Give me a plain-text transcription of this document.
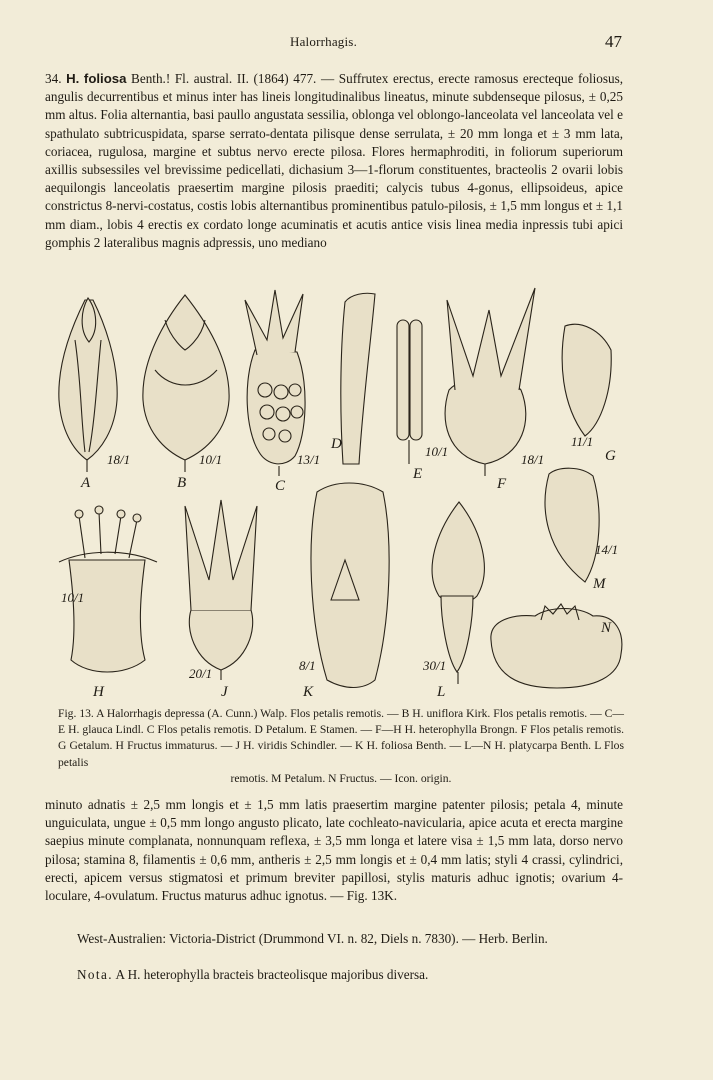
Halorrhagis.	47
34. H. foliosa Benth.! Fl. austral. II. (1864) 477. — Suffrutex erectus, erecte ramosus erecteque foliosus, angulis decurrentibus et minus inter has lineis longitudinalibus lineatus, minute subdenseque pilosus, ± 0,25 mm altus. Folia alternantia, basi paullo angustata sessilia, oblonga vel oblongo-lanceolata vel lanceolata vel e spathulato subtricuspidata, sparse serrato-dentata pilisque dense serrulata, ± 20 mm longa et ± 3 mm lata, coriacea, rugulosa, margine et subtus nervo erecte pilosa. Flores hermaphroditi, in foliorum superiorum axillis subsessiles vel brevissime pedicellati, dichasium 3—1-florum constituentes, bracteolis 2 ovarii lobis aequilongis lanceolatis praesertim margine pilosis praediti; calycis tubus 4-gonus, ellipsoideus, apice constrictus 8-nervi-costatus, costis lobis alternantibus prominentibus patulo-pilosis, ± 1,5 mm longus et ± 1,1 mm diam., lobis 4 erectis ex cordato longe acuminatis et acutis antice visis linea media inpressis tubi apici gomphis 2 lateralibus magnis adpressis, uno mediano
A
18/1
B
10/1
C
13/1
D
E
10/1
F
18/1	G
11/1
H
10/1
J
20/1
K
8/1
L
30/1
M
14/1
N
Fig. 13. A Halorrhagis depressa (A. Cunn.) Walp. Flos petalis remotis. — B H. uniflora Kirk. Flos petalis remotis. — C—E H. glauca Lindl. C Flos petalis remotis. D Petalum. E Stamen. — F—H H. heterophylla Brongn. F Flos petalis remotis. G Getalum. H Fructus immaturus. — J H. viridis Schindler. — K H. foliosa Benth. — L—N H. platycarpa Benth. L Flos petalis
remotis. M Petalum. N Fructus. — Icon. origin.
minuto adnatis ± 2,5 mm longis et ± 1,5 mm latis praesertim margine patenter pilosis; petala 4, minute unguiculata, ungue ± 0,5 mm longo angusto plicato, late cochleato-navicularia, apice acuta et erecta margine saepius minute complanata, nonnunquam reflexa, ± 3,5 mm longa et latere visa ± 1,5 mm lata, dorso nervo pilosa; stamina 8, filamentis ± 0,6 mm, antheris ± 2,5 mm longis et ± 0,4 mm latis; styli 4 crassi, cylindrici, erecti, apicem versus stigmatosi et primum breviter papillosi, stylis maturis adhuc ignotis; ovarium 4-loculare, 4-ovulatum. Fructus maturus adhuc ignotus. — Fig. 13K.
West-Australien: Victoria-District (Drummond VI. n. 82, Diels n. 7830). — Herb. Berlin.
Nota. A H. heterophylla bracteis bracteolisque majoribus diversa.
